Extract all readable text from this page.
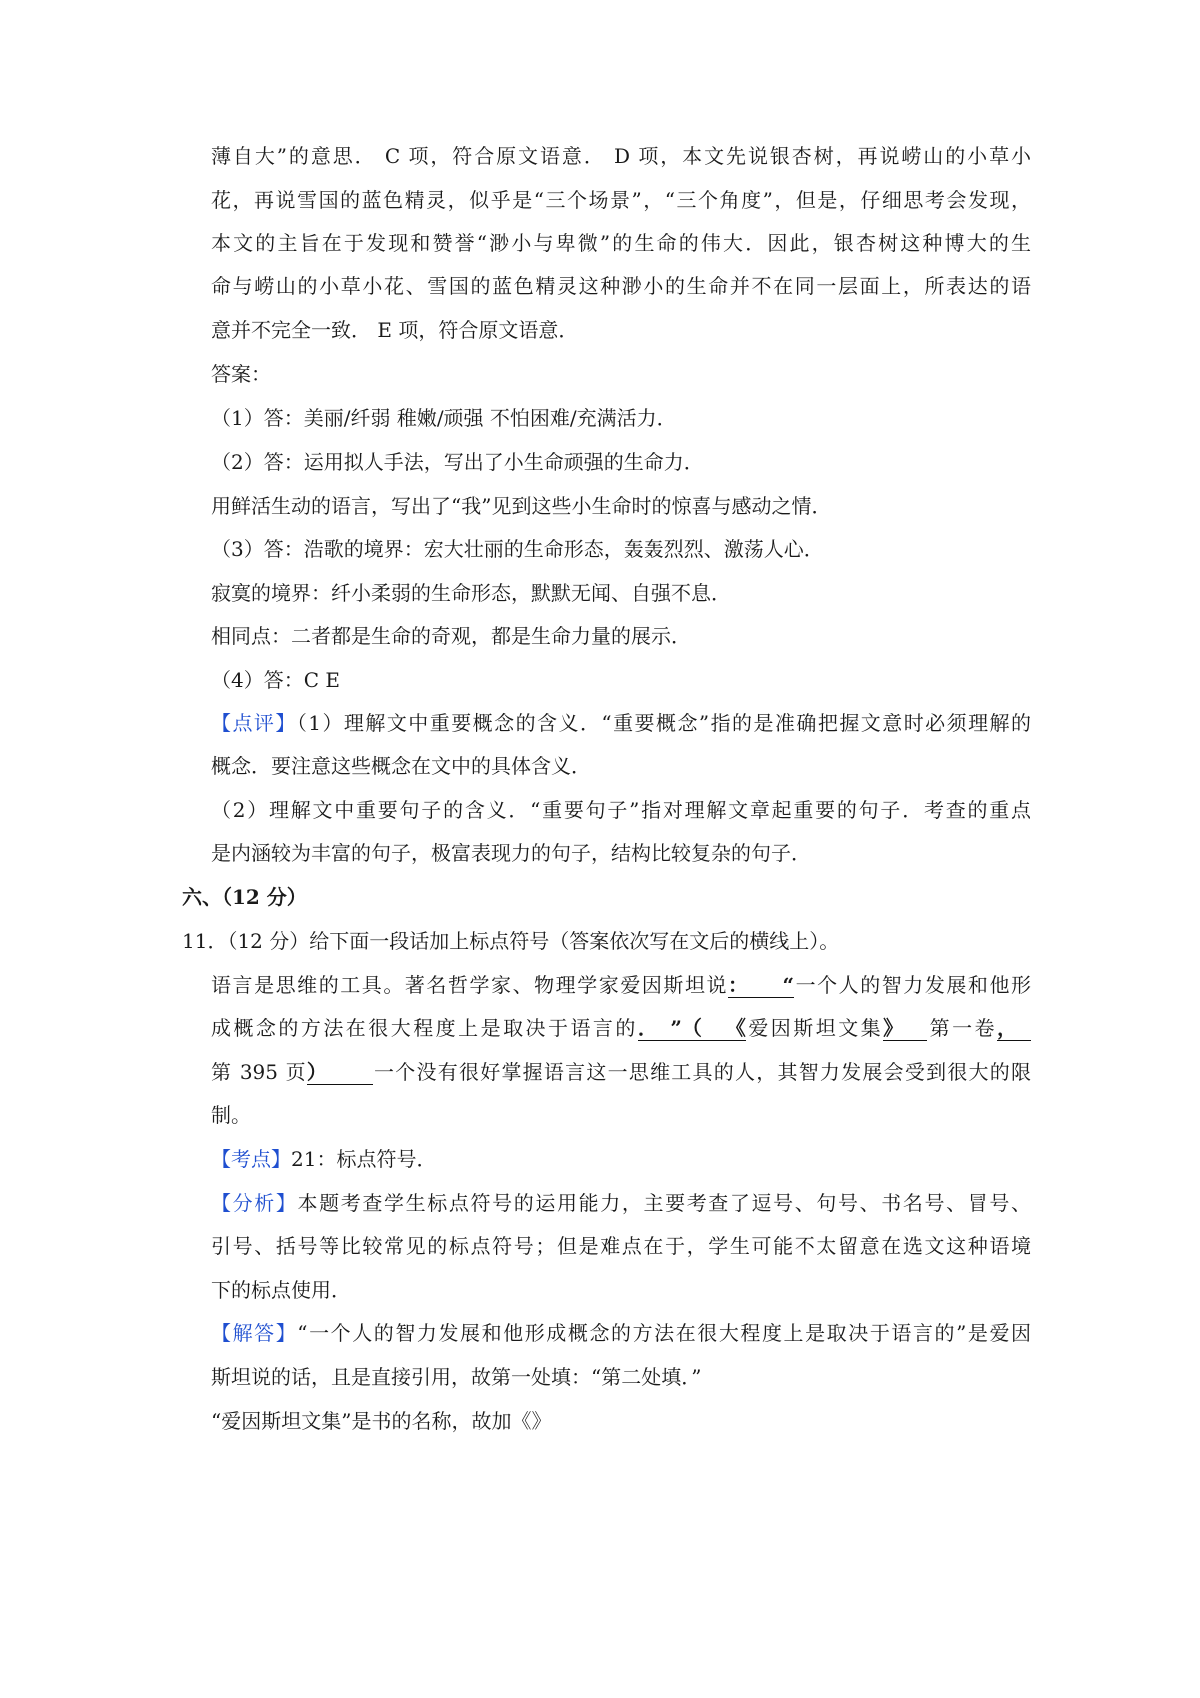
薄自大”的意思． C 项，符合原文语意． D 项，本文先说银杏树，再说崂山的小草小
花，再说雪国的蓝色精灵，似乎是“三个场景”，“三个角度”，但是，仔细思考会发现，
本文的主旨在于发现和赞誉“渺小与卑微”的生命的伟大．因此，银杏树这种博大的生
命与崂山的小草小花、雪国的蓝色精灵这种渺小的生命并不在同一层面上，所表达的语
意并不完全一致． E 项，符合原文语意．
答案：
（1）答：美丽/纤弱 稚嫩/顽强 不怕困难/充满活力．
（2）答：运用拟人手法，写出了小生命顽强的生命力．
用鲜活生动的语言，写出了“我”见到这些小生命时的惊喜与感动之情．
（3）答：浩歌的境界：宏大壮丽的生命形态，轰轰烈烈、激荡人心．
寂寞的境界：纤小柔弱的生命形态，默默无闻、自强不息．
相同点：二者都是生命的奇观，都是生命力量的展示．
（4）答：C E
【点评】（1）理解文中重要概念的含义．“重要概念”指的是准确把握文意时必须理解的
概念．要注意这些概念在文中的具体含义．
（2）理解文中重要句子的含义．“重要句子”指对理解文章起重要的句子．考查的重点
是内涵较为丰富的句子，极富表现力的句子，结构比较复杂的句子．
六、（12 分）
11．（12 分）给下面一段话加上标点符号（答案依次写在文后的横线上）。
语言是思维的工具。著名哲学家、物理学家爱因斯坦说：“一个人的智力发展和他形
成概念的方法在很大程度上是取决于语言的．”（《爱因斯坦文集》 第一卷，
第 395 页） 一个没有很好掌握语言这一思维工具的人，其智力发展会受到很大的限
制。
【考点】21：标点符号．
【分析】本题考查学生标点符号的运用能力，主要考查了逗号、句号、书名号、冒号、
引号、括号等比较常见的标点符号；但是难点在于，学生可能不太留意在选文这种语境
下的标点使用．
【解答】“一个人的智力发展和他形成概念的方法在很大程度上是取决于语言的”是爱因
斯坦说的话，且是直接引用，故第一处填：“第二处填．”
“爱因斯坦文集”是书的名称，故加《》
